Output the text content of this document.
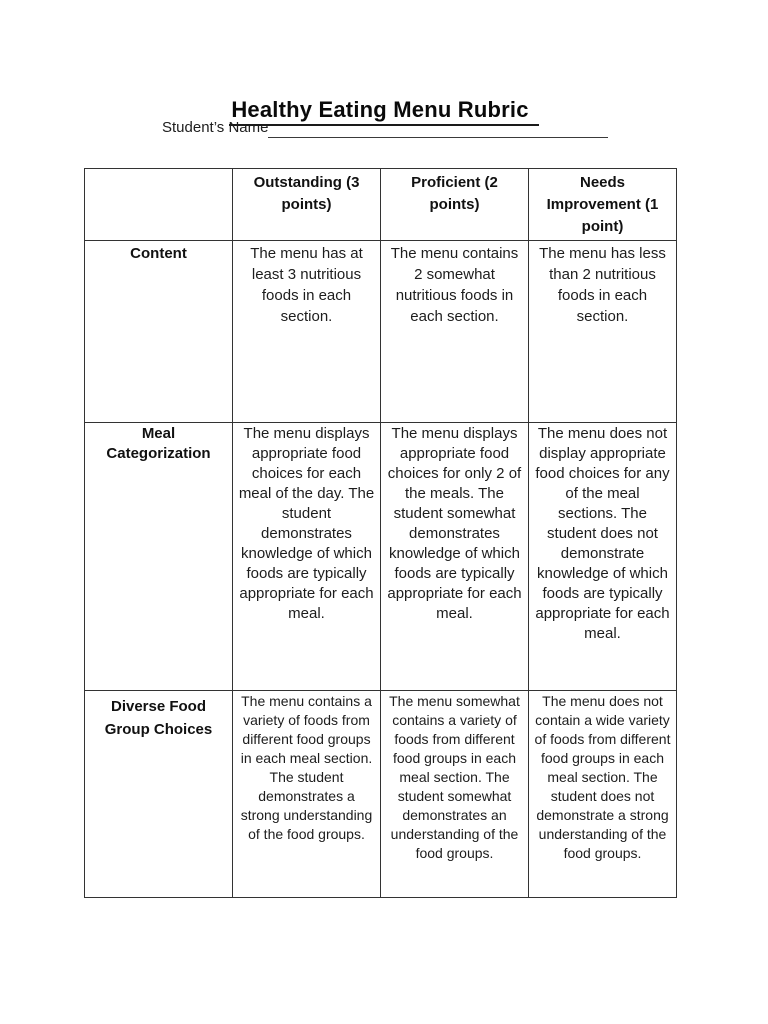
Healthy Eating Menu Rubric
Student’s Name
	Outstanding (3 points)	Proficient (2 points)	Needs Improvement (1 point)
Content	The menu has at least 3 nutritious foods in each section.	The menu contains 2 somewhat nutritious foods in each section.	The menu has less than 2 nutritious foods in each section.
Meal Categorization	The menu displays appropriate food choices for each meal of the day. The student demonstrates knowledge of which foods are typically appropriate for each meal.	The menu displays appropriate food choices for only 2 of the meals. The student somewhat demonstrates knowledge of which foods are typically appropriate for each meal.	The menu does not display appropriate food choices for any of the meal sections. The student does not demonstrate knowledge of which foods are typically appropriate for each meal.
Diverse Food Group Choices	The menu contains a variety of foods from different food groups in each meal section. The student demonstrates a strong understanding of the food groups.	The menu somewhat contains a variety of foods from different food groups in each meal section. The student somewhat demonstrates an understanding of the food groups.	The menu does not contain a wide variety of foods from different food groups in each meal section. The student does not demonstrate a strong understanding of the food groups.
